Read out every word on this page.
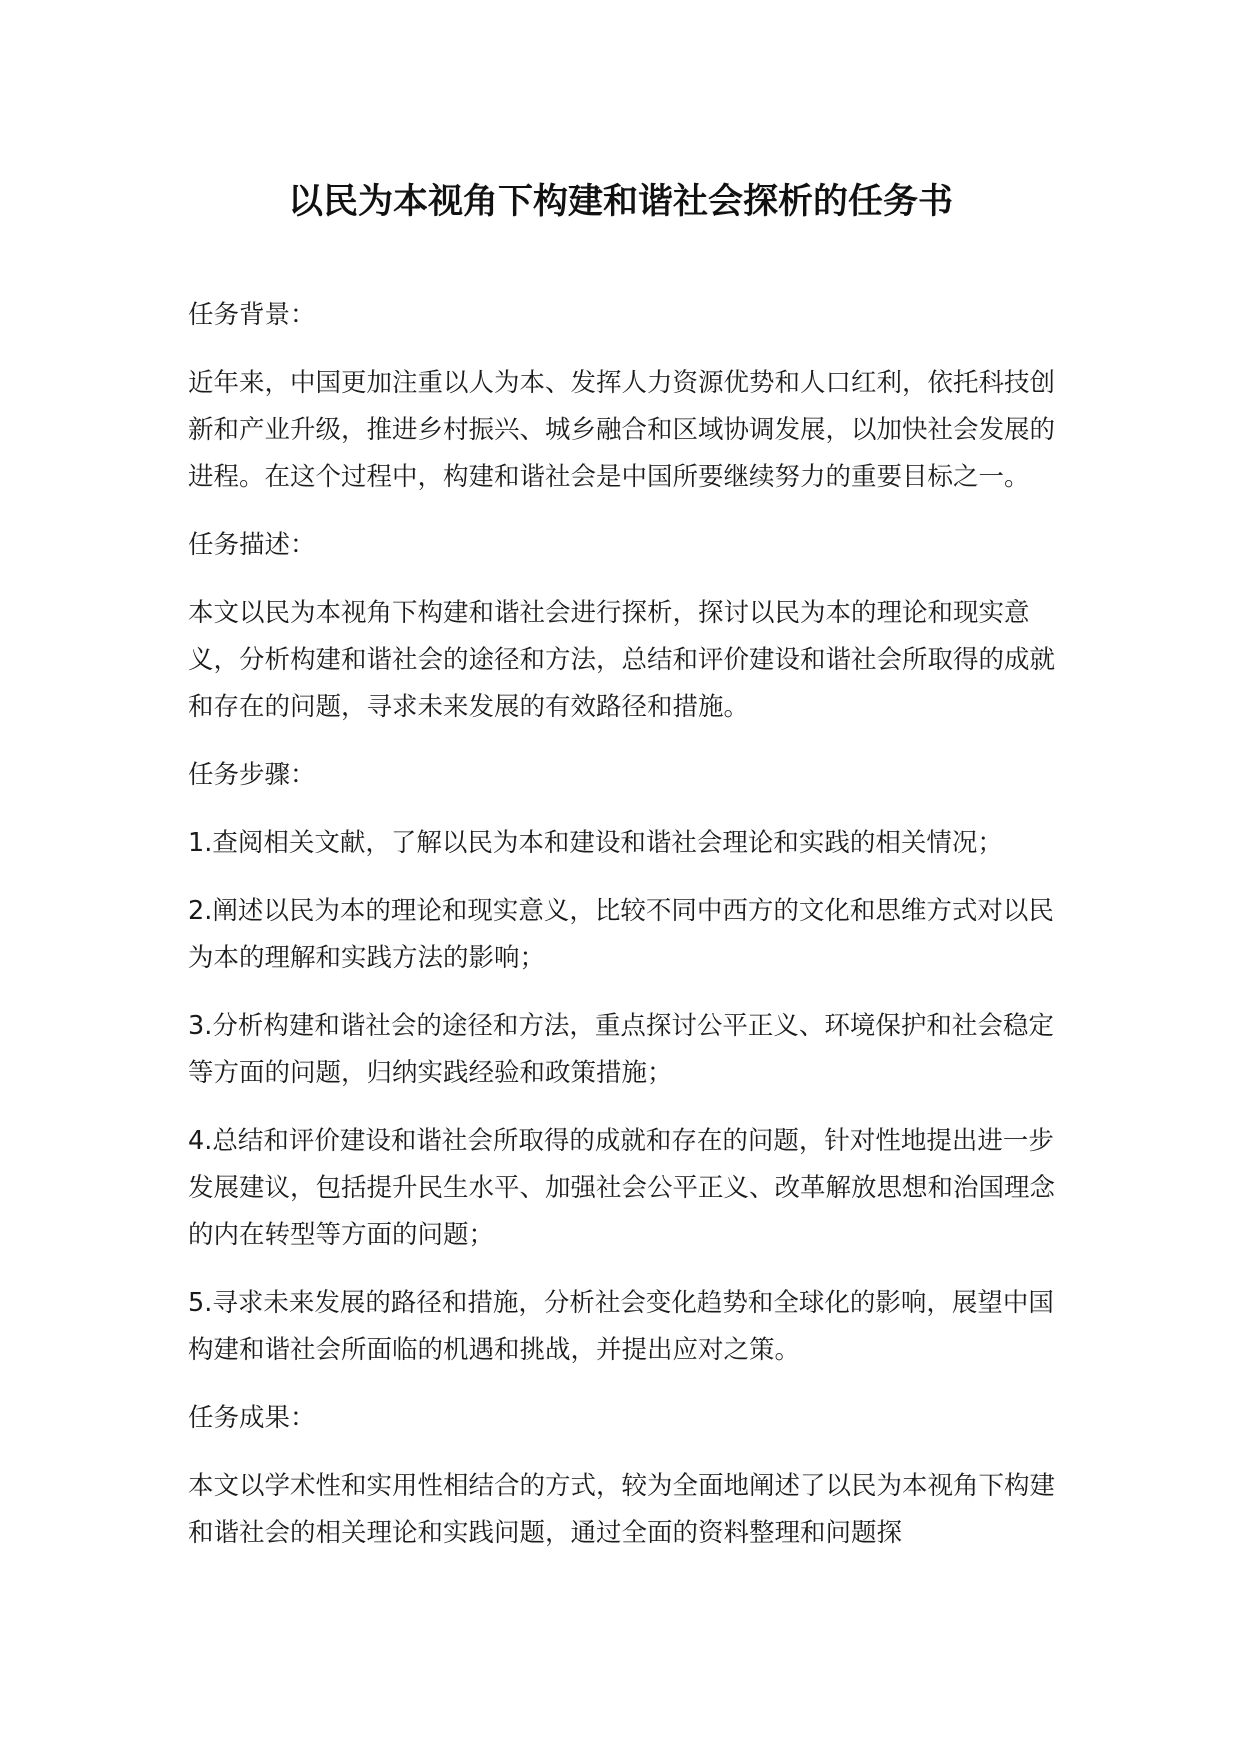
以民为本视角下构建和谐社会探析的任务书

任务背景：

近年来，中国更加注重以人为本、发挥人力资源优势和人口红利，依托科技创新和产业升级，推进乡村振兴、城乡融合和区域协调发展，以加快社会发展的进程。在这个过程中，构建和谐社会是中国所要继续努力的重要目标之一。

任务描述：

本文以民为本视角下构建和谐社会进行探析，探讨以民为本的理论和现实意义，分析构建和谐社会的途径和方法，总结和评价建设和谐社会所取得的成就和存在的问题，寻求未来发展的有效路径和措施。

任务步骤：

1.查阅相关文献，了解以民为本和建设和谐社会理论和实践的相关情况；

2.阐述以民为本的理论和现实意义，比较不同中西方的文化和思维方式对以民为本的理解和实践方法的影响；

3.分析构建和谐社会的途径和方法，重点探讨公平正义、环境保护和社会稳定等方面的问题，归纳实践经验和政策措施；

4.总结和评价建设和谐社会所取得的成就和存在的问题，针对性地提出进一步发展建议，包括提升民生水平、加强社会公平正义、改革解放思想和治国理念的内在转型等方面的问题；

5.寻求未来发展的路径和措施，分析社会变化趋势和全球化的影响，展望中国构建和谐社会所面临的机遇和挑战，并提出应对之策。

任务成果：

本文以学术性和实用性相结合的方式，较为全面地阐述了以民为本视角下构建和谐社会的相关理论和实践问题，通过全面的资料整理和问题探
